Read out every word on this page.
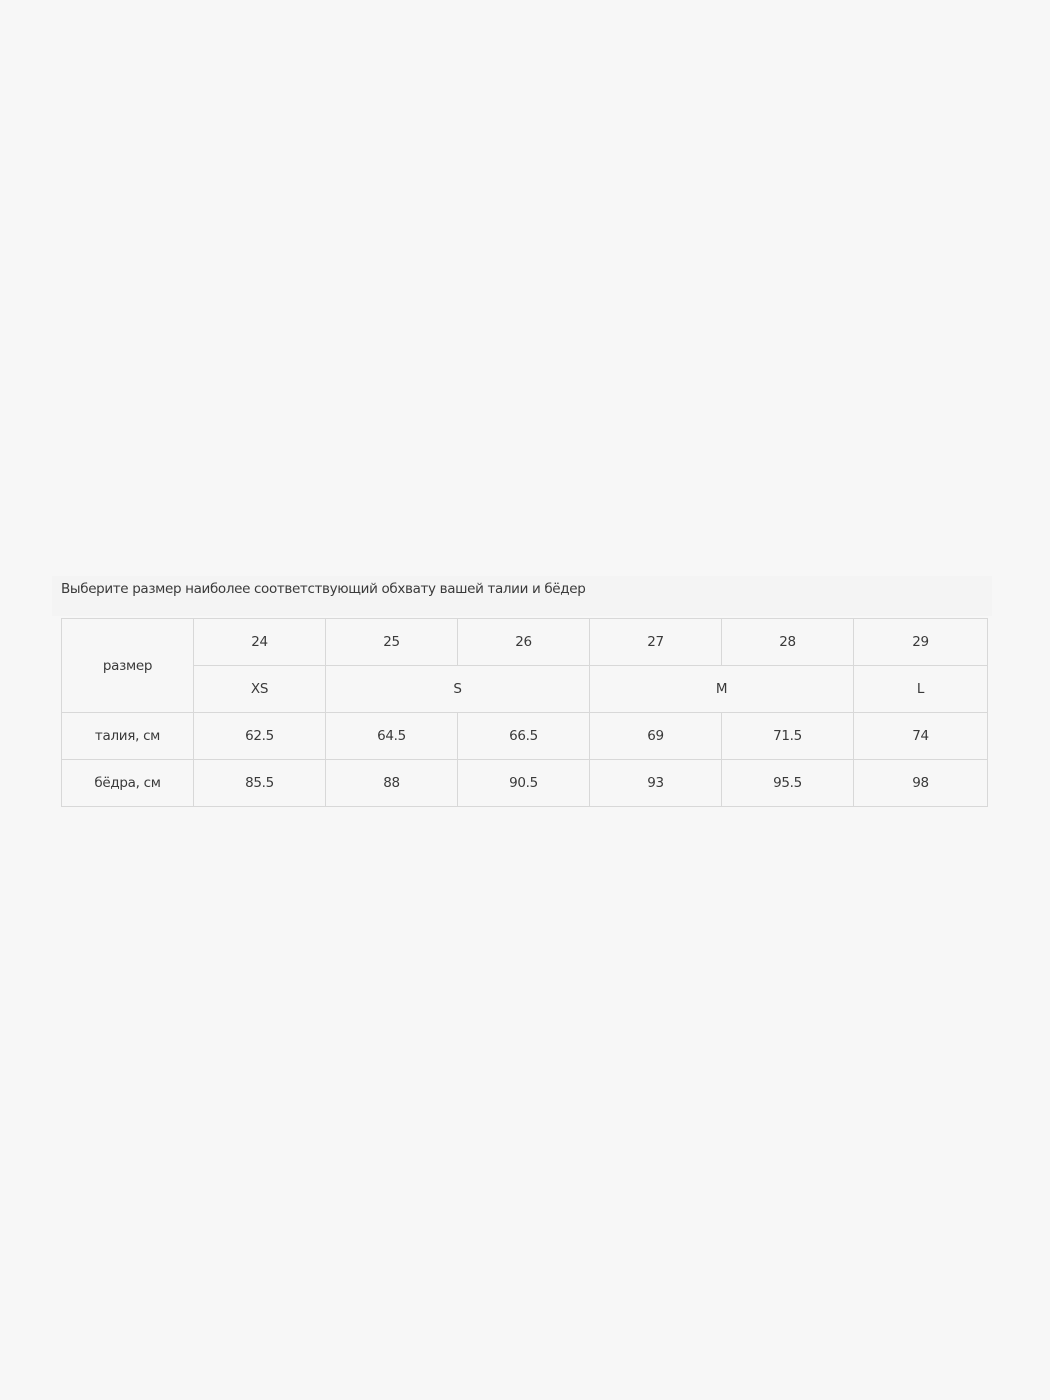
Выберите размер наиболее соответствующий обхвату вашей талии и бёдер
размер	24	25	26	27	28	29
	XS	S		M		L
талия, см	62.5	64.5	66.5	69	71.5	74
бёдра, см	85.5	88	90.5	93	95.5	98
